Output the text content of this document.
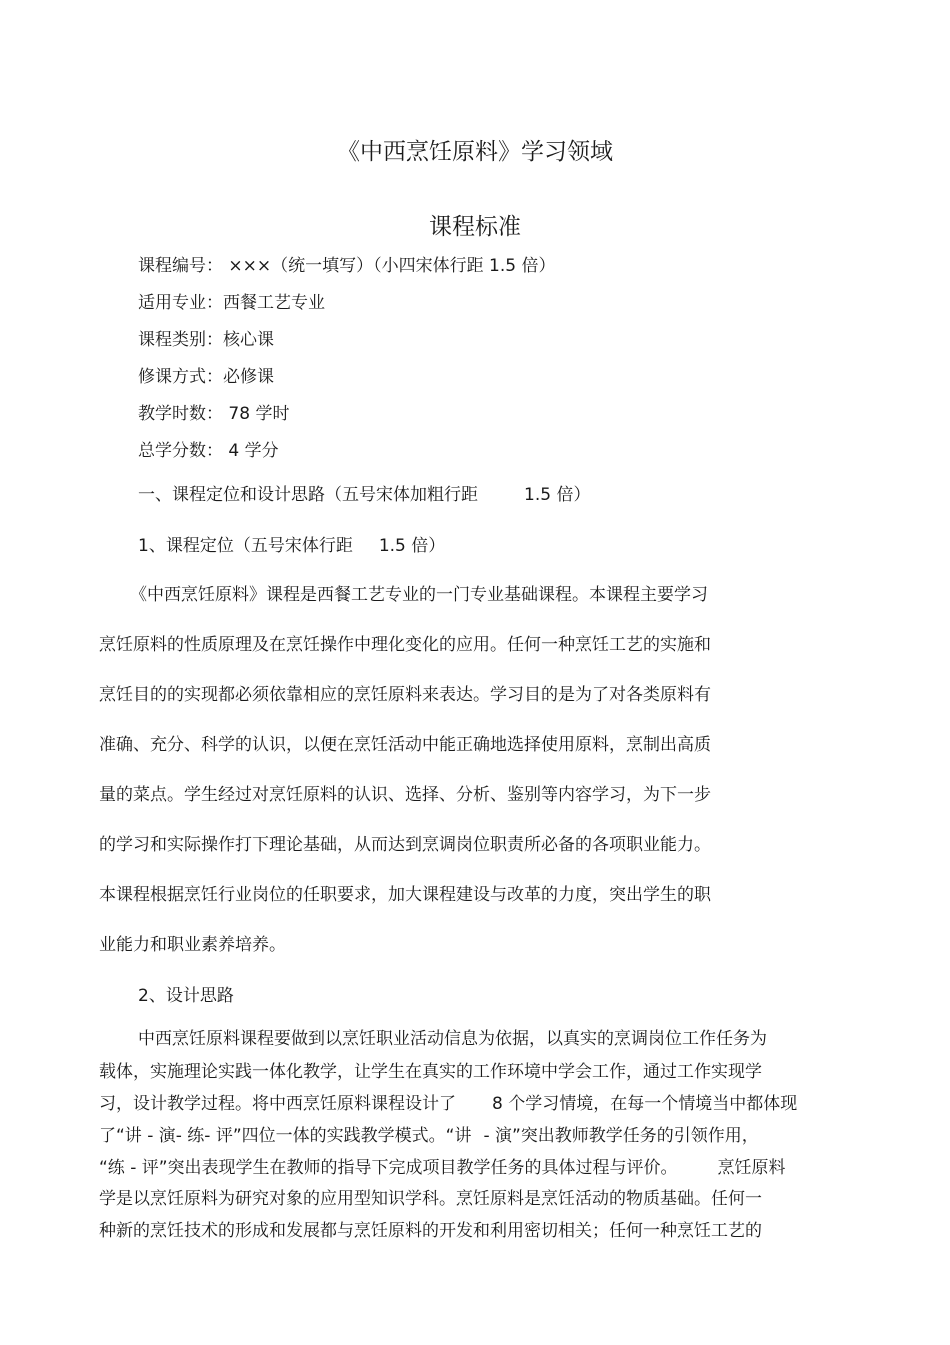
《中西烹饪原料》学习领域
课程标准
课程编号： ×××（统一填写）（小四宋体行距 1.5 倍）
适用专业：西餐工艺专业
课程类别：核心课
修课方式：必修课
教学时数： 78 学时
总学分数： 4 学分
一、课程定位和设计思路（五号宋体加粗行距	1.5 倍）
1、课程定位（五号宋体行距 1.5 倍）
《中西烹饪原料》课程是西餐工艺专业的一门专业基础课程。本课程主要学习
烹饪原料的性质原理及在烹饪操作中理化变化的应用。任何一种烹饪工艺的实施和
烹饪目的的实现都必须依靠相应的烹饪原料来表达。学习目的是为了对各类原料有
准确、充分、科学的认识，以便在烹饪活动中能正确地选择使用原料，烹制出高质
量的菜点。学生经过对烹饪原料的认识、选择、分析、鉴别等内容学习，为下一步
的学习和实际操作打下理论基础，从而达到烹调岗位职责所必备的各项职业能力。
本课程根据烹饪行业岗位的任职要求，加大课程建设与改革的力度，突出学生的职
业能力和职业素养培养。
2、设计思路
中西烹饪原料课程要做到以烹饪职业活动信息为依据，以真实的烹调岗位工作任务为
载体，实施理论实践一体化教学，让学生在真实的工作环境中学会工作，通过工作实现学
习，设计教学过程。将中西烹饪原料课程设计了 8 个学习情境，在每一个情境当中都体现
了“讲 - 演- 练- 评”四位一体的实践教学模式。“讲 - 演”突出教师教学任务的引领作用，
“练 - 评”突出表现学生在教师的指导下完成项目教学任务的具体过程与评价。 烹饪原料
学是以烹饪原料为研究对象的应用型知识学科。烹饪原料是烹饪活动的物质基础。任何一
种新的烹饪技术的形成和发展都与烹饪原料的开发和利用密切相关；任何一种烹饪工艺的
